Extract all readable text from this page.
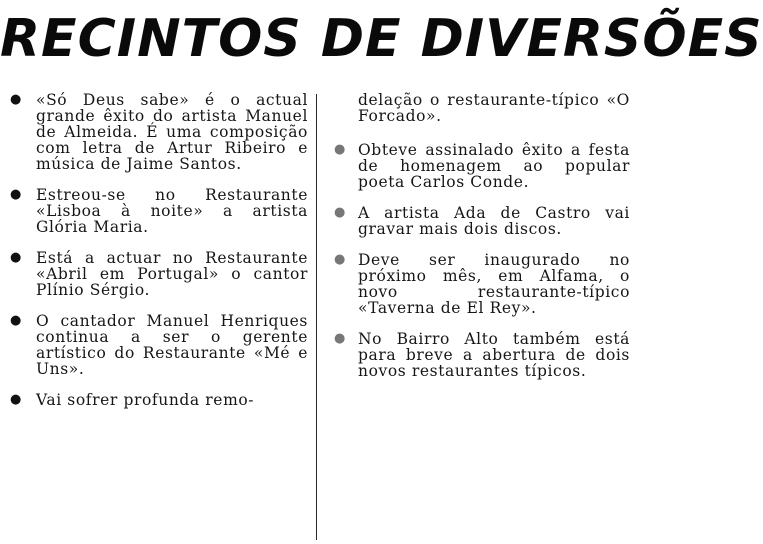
RECINTOS DE DIVERSÕES
● «Só Deus sabe» é o actual grande êxito do artista Manuel de Almeida. É uma composição com letra de Artur Ribeiro e música de Jaime Santos.
● Estreou-se no Restaurante «Lisboa à noite» a artista Glória Maria.
● Está a actuar no Restaurante «Abril em Portugal» o cantor Plínio Sérgio.
● O cantador Manuel Henriques continua a ser o gerente artístico do Restaurante «Mé e Uns».
● Vai sofrer profunda remo-
delação o restaurante-típico «O Forcado».
● Obteve assinalado êxito a festa de homenagem ao popular poeta Carlos Conde.
● A artista Ada de Castro vai gravar mais dois discos.
● Deve ser inaugurado no próximo mês, em Alfama, o novo restaurante-típico «Taverna de El Rey».
● No Bairro Alto também está para breve a abertura de dois novos restaurantes típicos.
